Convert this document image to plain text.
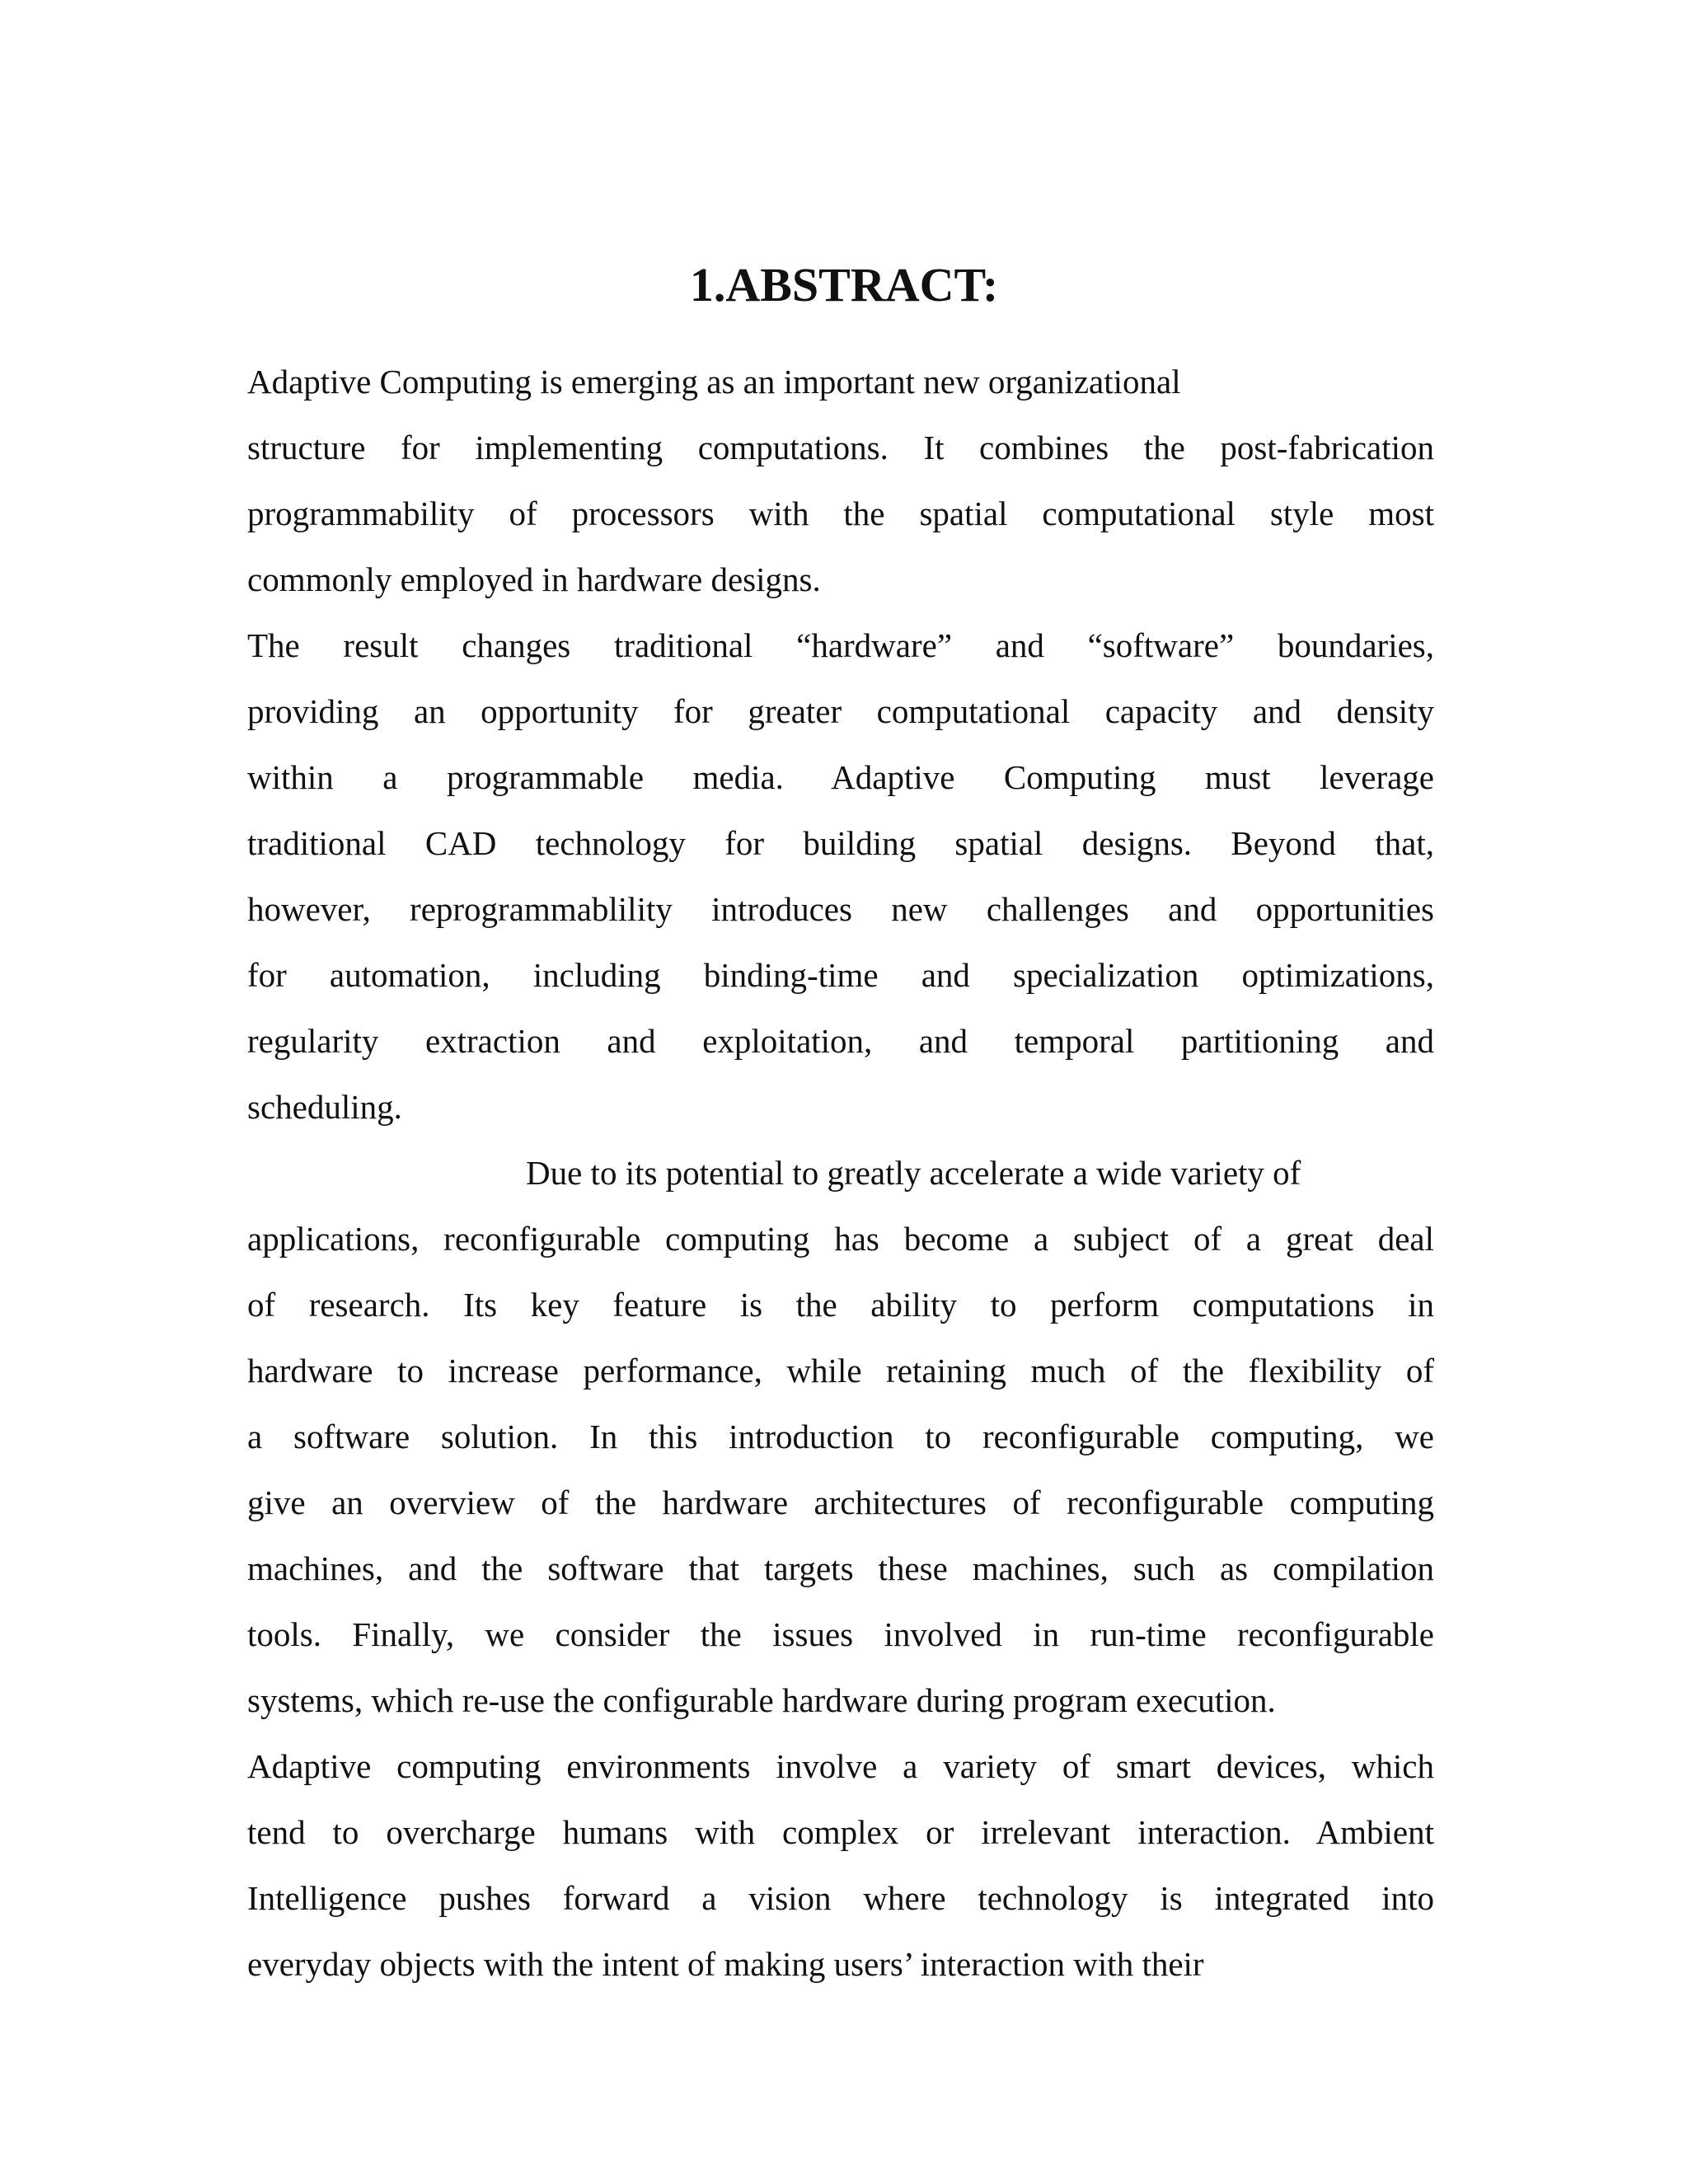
1.ABSTRACT:
Adaptive Computing is emerging as an important new organizational
structure for implementing computations. It combines the post-fabrication
programmability of processors with the spatial computational style most
commonly employed in hardware designs.
The result changes traditional “hardware” and “software” boundaries,
providing an opportunity for greater computational capacity and density
within a programmable media. Adaptive Computing must leverage
traditional CAD technology for building spatial designs. Beyond that,
however, reprogrammablility introduces new challenges and opportunities
for automation, including binding-time and specialization optimizations,
regularity extraction and exploitation, and temporal partitioning and
scheduling.
Due to its potential to greatly accelerate a wide variety of
applications, reconfigurable computing has become a subject of a great deal
of research. Its key feature is the ability to perform computations in
hardware to increase performance, while retaining much of the flexibility of
a software solution. In this introduction to reconfigurable computing, we
give an overview of the hardware architectures of reconfigurable computing
machines, and the software that targets these machines, such as compilation
tools. Finally, we consider the issues involved in run-time reconfigurable
systems, which re-use the configurable hardware during program execution.
Adaptive computing environments involve a variety of smart devices, which
tend to overcharge humans with complex or irrelevant interaction. Ambient
Intelligence pushes forward a vision where technology is integrated into
everyday objects with the intent of making users’ interaction with their
